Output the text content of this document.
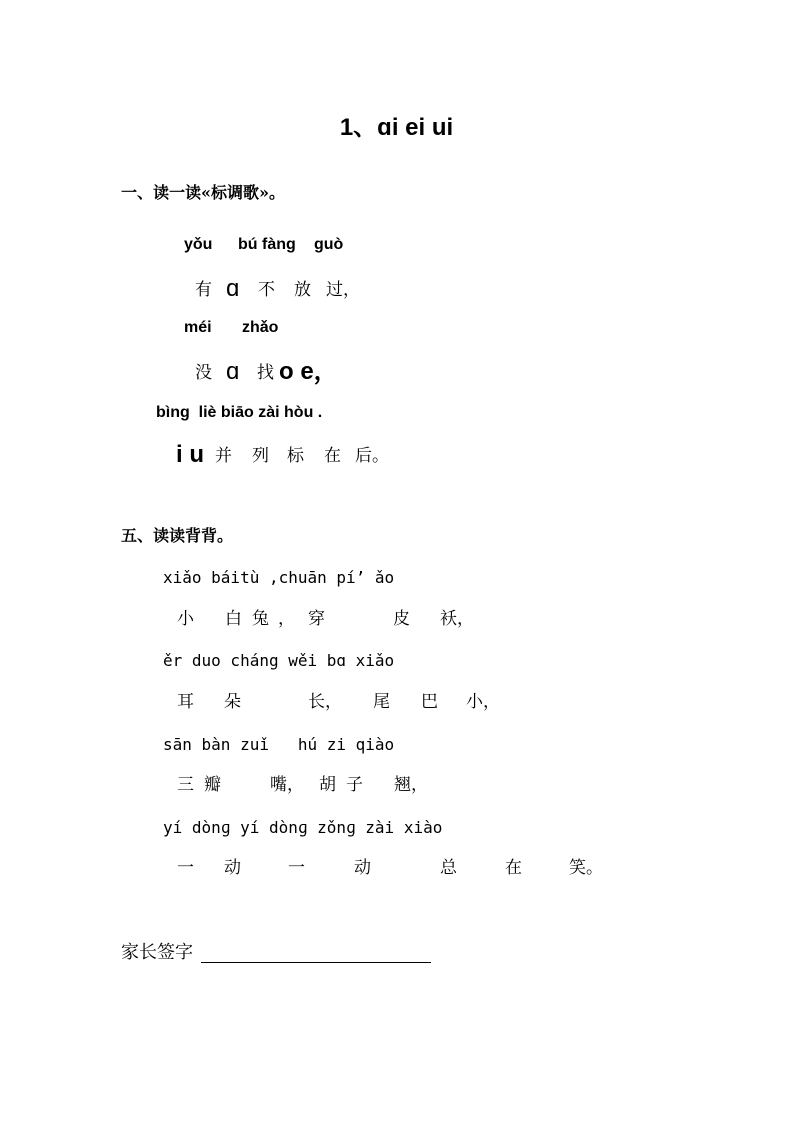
1、ɑi ei ui
一、读一读«标调歌»。
yǒu bú fànɡ ɡuò
有 ɑ 不 放 过，
méi zhǎo
没 ɑ 找 o e，
bìnɡ  liè biāo zài hòu .
i u 并 列 标 在 后。
五、读读背背。
xiǎo báitù ,chuān pí’ ǎo
小 白 兔 ， 穿	皮 袄，
ěr duo cháng wěi bɑ xiǎo
耳 朵	长， 尾 巴 小，
sān bàn zuǐ   hú zi qiào
三 瓣	嘴， 胡 子 翘，
yí dònɡ yí dònɡ zǒnɡ zài xiào
一 动	一	动	总	在	笑。
家长签字
